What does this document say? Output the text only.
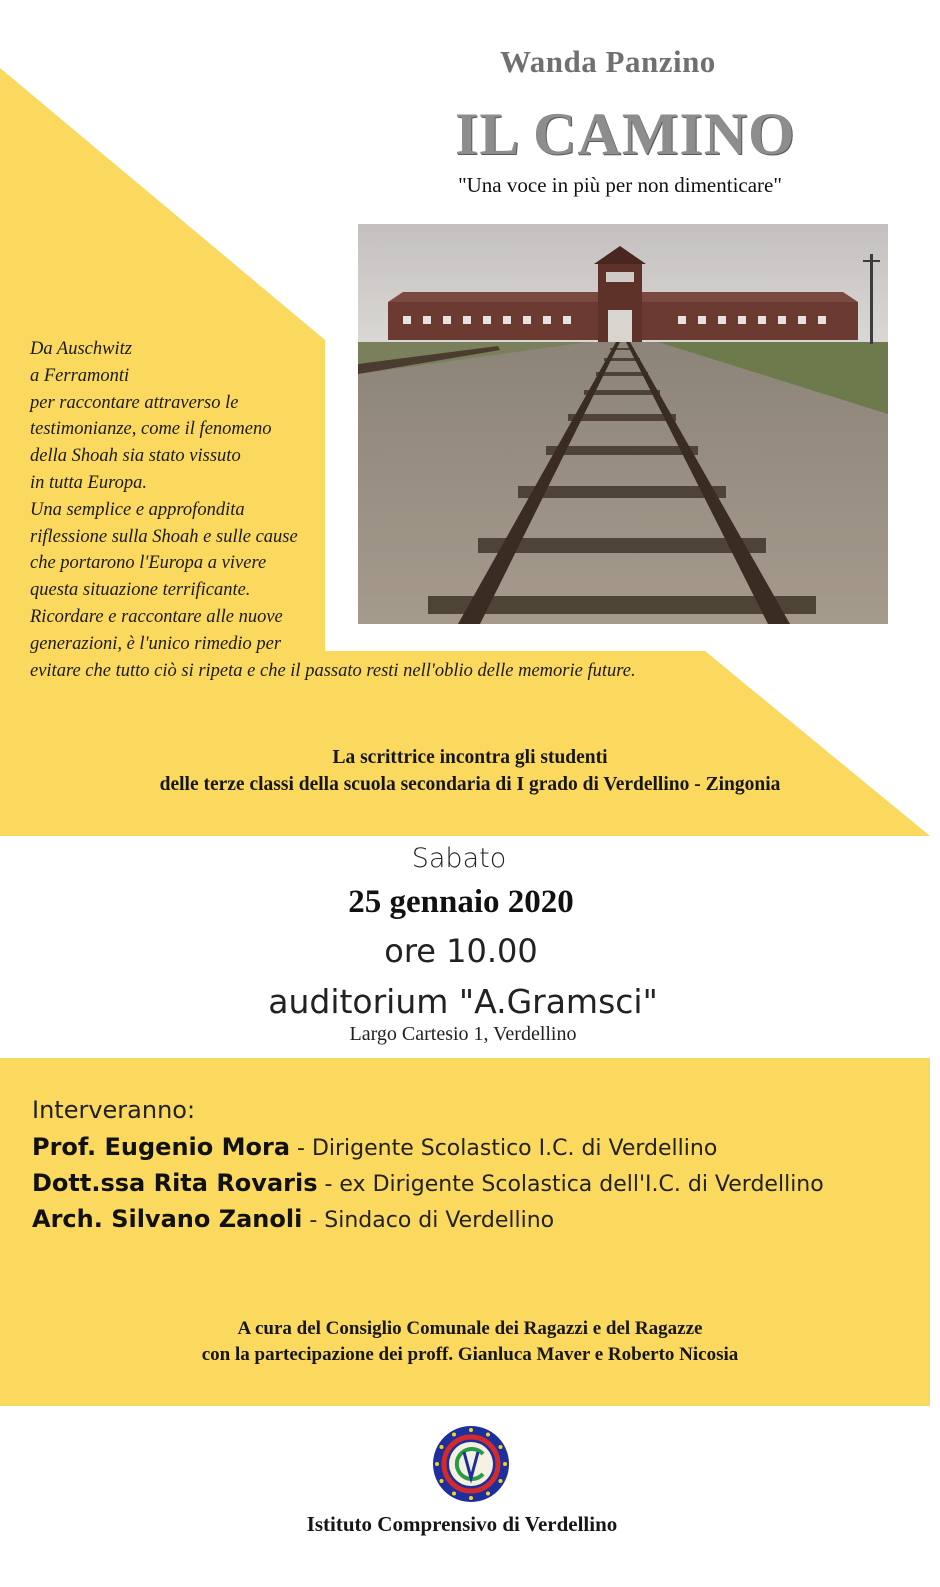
Wanda Panzino
IL CAMINO
"Una voce in più per non dimenticare"
Da Auschwitz
a Ferramonti
per raccontare attraverso le
testimonianze, come il fenomeno
della Shoah sia stato vissuto
in tutta Europa.
Una semplice e approfondita
riflessione sulla Shoah e sulle cause
che portarono l'Europa a vivere
questa situazione terrificante.
Ricordare e raccontare alle nuove
generazioni, è l'unico rimedio per
evitare che tutto ciò si ripeta e che il passato resti nell'oblio delle memorie future.
La scrittrice incontra gli studenti
delle terze classi della scuola secondaria di I grado di Verdellino - Zingonia
Sabato
25 gennaio 2020
ore 10.00
auditorium "A.Gramsci"
Largo Cartesio 1, Verdellino
Interveranno:
Prof. Eugenio Mora - Dirigente Scolastico I.C. di Verdellino
Dott.ssa Rita Rovaris - ex Dirigente Scolastica dell'I.C. di Verdellino
Arch. Silvano Zanoli - Sindaco di Verdellino
A cura del Consiglio Comunale dei Ragazzi e del Ragazze
con la partecipazione dei proff. Gianluca Maver e Roberto Nicosia
Istituto Comprensivo di Verdellino
